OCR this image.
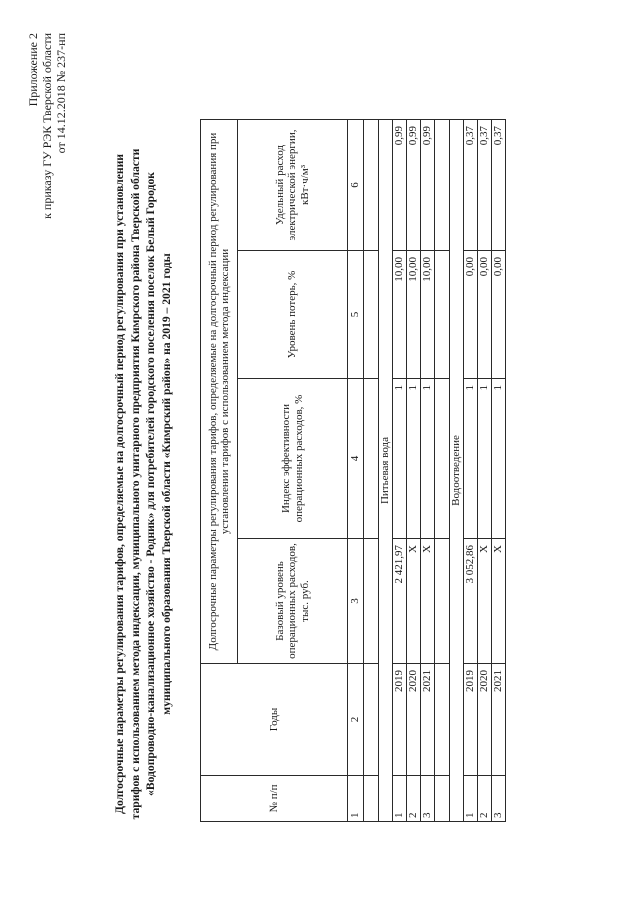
Приложение 2 к приказу ГУ РЭК Тверской области от 14.12.2018 № 237-нп
Долгосрочные параметры регулирования тарифов, определяемые на долгосрочный период регулирования при установлении тарифов с использованием метода индексации, муниципального унитарного предприятия Кимрского района Тверской области «Водопроводно-канализационное хозяйство - Родник» для потребителей городского поселения поселок Белый Городок муниципального образования Тверской области «Кимрский район» на 2019 – 2021 годы
№ п/п	Годы	Долгосрочные параметры регулирования тарифов, определяемые на долгосрочный период регулирования при установлении тарифов с использованием метода индексации			
		Базовый уровень операционных расходов, тыс. руб.	Индекс эффективности операционных расходов, %	Уровень потерь, %	Удельный расход электрической энергии, кВт·ч/м³
1	2	3	4	5	6

Питьевая вода					
1	2019	2 421,97	1	10,00	0,99
2	2020	Х	1	10,00	0,99
3	2021	Х	1	10,00	0,99

Водоотведение					
1	2019	3 052,86	1	0,00	0,37
2	2020	Х	1	0,00	0,37
3	2021	Х	1	0,00	0,37
